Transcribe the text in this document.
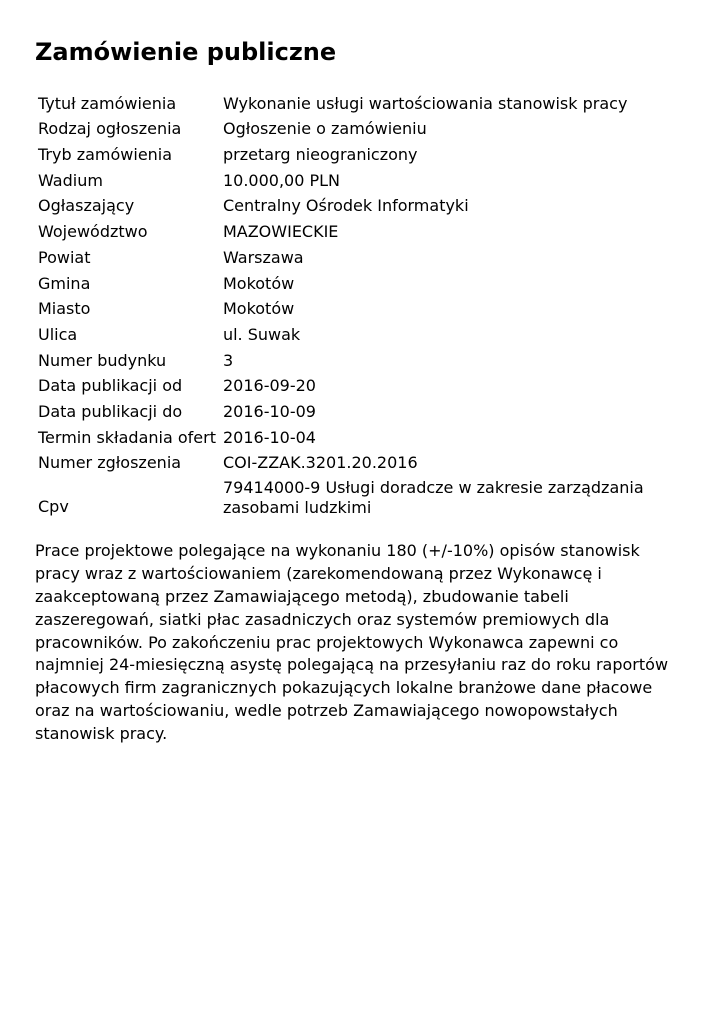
Zamówienie publiczne
Tytuł zamówienia	Wykonanie usługi wartościowania stanowisk pracy
Rodzaj ogłoszenia	Ogłoszenie o zamówieniu
Tryb zamówienia	przetarg nieograniczony
Wadium	10.000,00 PLN
Ogłaszający	Centralny Ośrodek Informatyki
Województwo	MAZOWIECKIE
Powiat	Warszawa
Gmina	Mokotów
Miasto	Mokotów
Ulica	ul. Suwak
Numer budynku	3
Data publikacji od	2016-09-20
Data publikacji do	2016-10-09
Termin składania ofert	2016-10-04
Numer zgłoszenia	COI-ZZAK.3201.20.2016
Cpv	79414000-9 Usługi doradcze w zakresie zarządzania zasobami ludzkimi

Prace projektowe polegające na wykonaniu 180 (+/-10%) opisów stanowisk pracy wraz z wartościowaniem (zarekomendowaną przez Wykonawcę i zaakceptowaną przez Zamawiającego metodą), zbudowanie tabeli zaszeregowań, siatki płac zasadniczych oraz systemów premiowych dla pracowników. Po zakończeniu prac projektowych Wykonawca zapewni co najmniej 24-miesięczną asystę polegającą na przesyłaniu raz do roku raportów płacowych firm zagranicznych pokazujących lokalne branżowe dane płacowe oraz na wartościowaniu, wedle potrzeb Zamawiającego nowopowstałych stanowisk pracy.
